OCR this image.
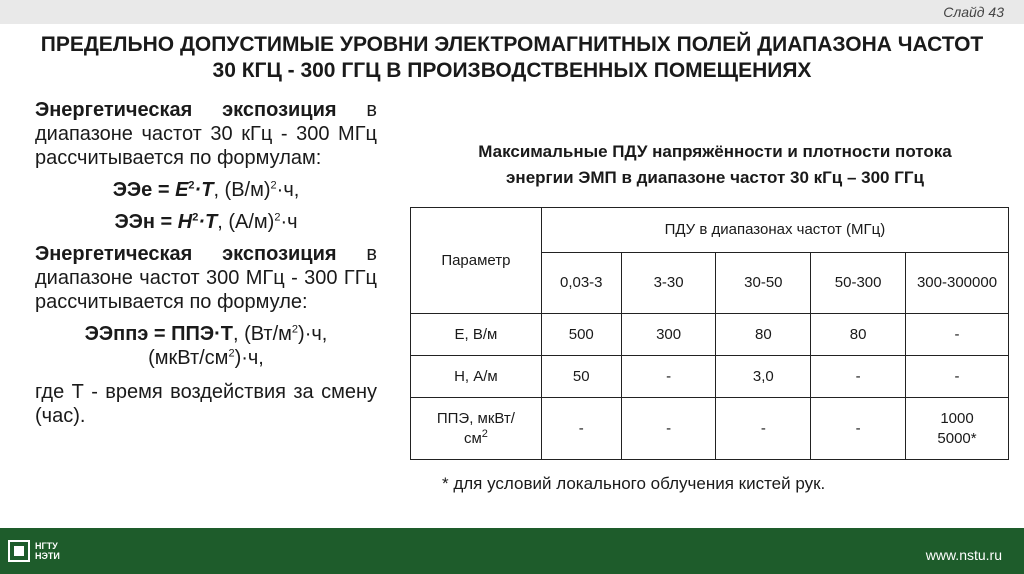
Слайд 43
ПРЕДЕЛЬНО ДОПУСТИМЫЕ УРОВНИ ЭЛЕКТРОМАГНИТНЫХ ПОЛЕЙ ДИАПАЗОНА ЧАСТОТ
30 КГЦ - 300 ГГЦ В ПРОИЗВОДСТВЕННЫХ ПОМЕЩЕНИЯХ

Энергетическая экспозиция в диапазоне частот 30 кГц - 300 МГц рассчитывается по формулам:

ЭЭе = $E^2\cdot T$, $(В/м)^2\cdot ч$,

ЭЭн = $H^2\cdot T$, $(А/м)^2\cdot ч$

Энергетическая экспозиция в диапазоне частот 300 МГц - 300 ГГц рассчитывается по формуле:

ЭЭппэ = ППЭ·Т, $(Вт/м^2)\cdot ч$,
$(мкВт/см^2)\cdot ч$,

где Т - время воздействия за смену (час).

Максимальные ПДУ напряжённости и плотности потока
энергии ЭМП в диапазоне частот 30 кГц – 300 ГГц
Параметр	ПДУ в диапазонах частот (МГц)				
	0,03-3	3-30	30-50	50-300	300-300000
Е, В/м	500	300	80	80	-
Н, А/м	50	-	3,0	-	-
ППЭ, мкВт/$см^2$	-	-	-	-	1000 5000*
* для условий локального облучения кистей рук.
НГТУ
НЭТИ	www.nstu.ru
